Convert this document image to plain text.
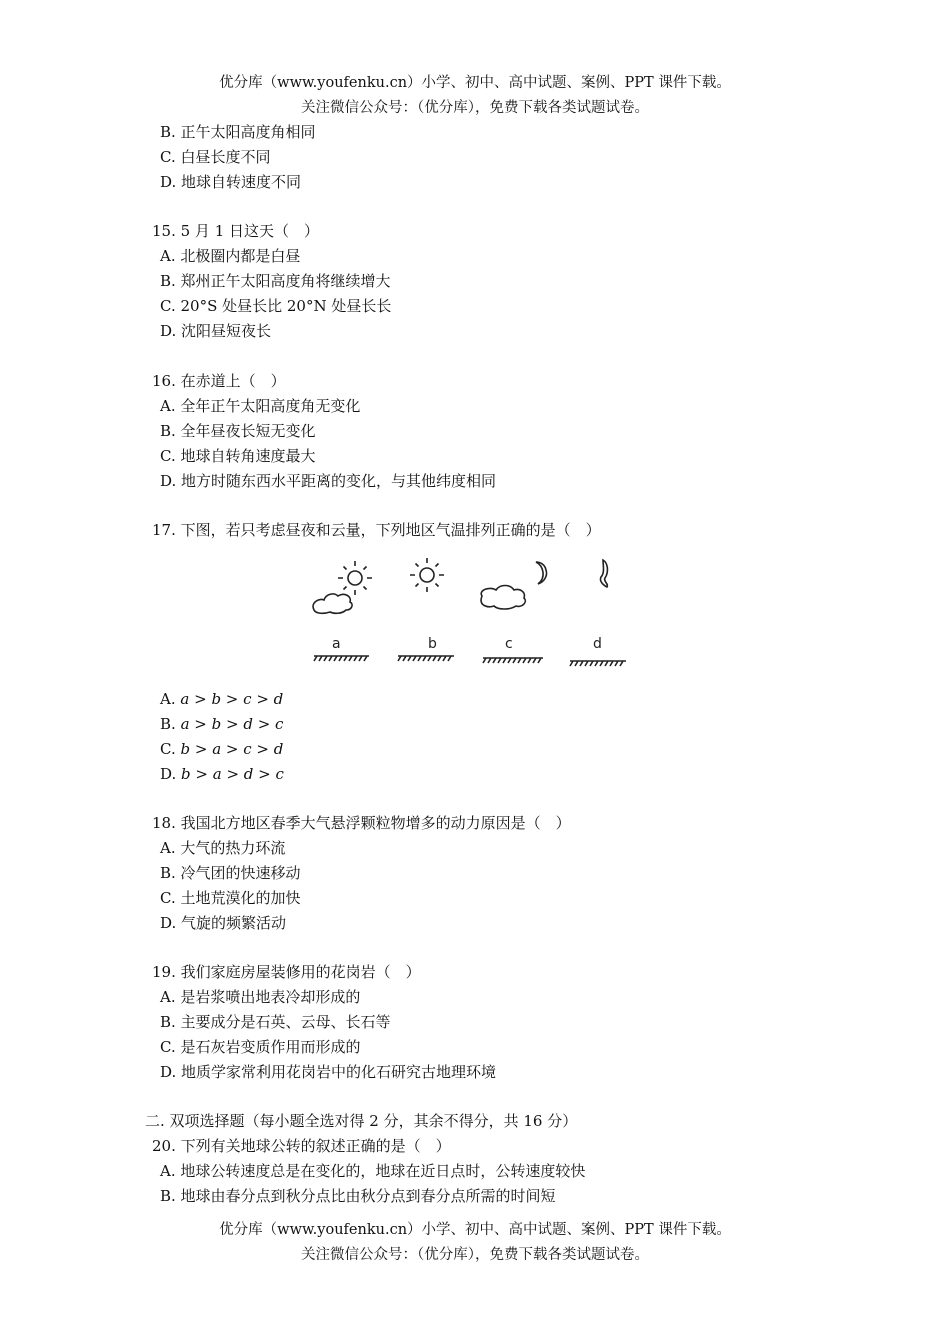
优分库（www.youfenku.cn）小学、初中、高中试题、案例、PPT 课件下载。
关注微信公众号：（优分库），免费下载各类试题试卷。
B. 正午太阳高度角相同
C. 白昼长度不同
D. 地球自转速度不同
15. 5 月 1 日这天（　）
A. 北极圈内都是白昼
B. 郑州正午太阳高度角将继续增大
C. 20°S 处昼长比 20°N 处昼长长
D. 沈阳昼短夜长
16. 在赤道上（　）
A. 全年正午太阳高度角无变化
B. 全年昼夜长短无变化
C. 地球自转角速度最大
D. 地方时随东西水平距离的变化，与其他纬度相同
17. 下图，若只考虑昼夜和云量，下列地区气温排列正确的是（　）
a	b	c	d
A. a > b > c > d
B. a > b > d > c
C. b > a > c > d
D. b > a > d > c
18. 我国北方地区春季大气悬浮颗粒物增多的动力原因是（　）
A. 大气的热力环流
B. 冷气团的快速移动
C. 土地荒漠化的加快
D. 气旋的频繁活动
19. 我们家庭房屋装修用的花岗岩（　）
A. 是岩浆喷出地表冷却形成的
B. 主要成分是石英、云母、长石等
C. 是石灰岩变质作用而形成的
D. 地质学家常利用花岗岩中的化石研究古地理环境
二. 双项选择题（每小题全选对得 2 分，其余不得分，共 16 分）
20. 下列有关地球公转的叙述正确的是（　）
A. 地球公转速度总是在变化的，地球在近日点时，公转速度较快
B. 地球由春分点到秋分点比由秋分点到春分点所需的时间短
优分库（www.youfenku.cn）小学、初中、高中试题、案例、PPT 课件下载。
关注微信公众号：（优分库），免费下载各类试题试卷。
